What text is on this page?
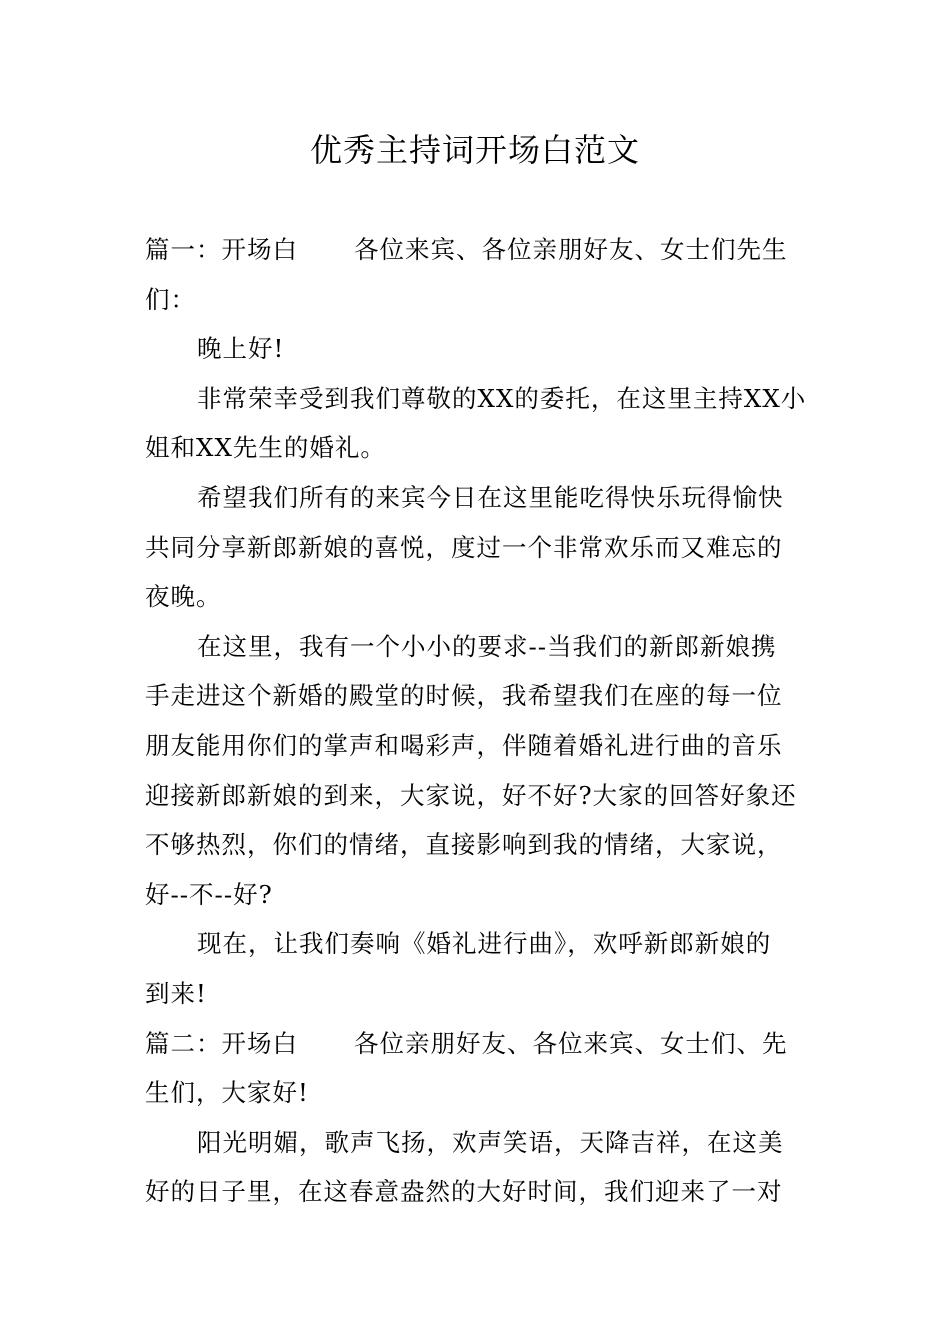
优秀主持词开场白范文
篇一：开场白 各位来宾、各位亲朋好友、女士们先生
们：
晚上好!
非常荣幸受到我们尊敬的XX的委托，在这里主持XX小
姐和XX先生的婚礼。
希望我们所有的来宾今日在这里能吃得快乐玩得愉快
共同分享新郎新娘的喜悦，度过一个非常欢乐而又难忘的
夜晚。
在这里，我有一个小小的要求--当我们的新郎新娘携
手走进这个新婚的殿堂的时候，我希望我们在座的每一位
朋友能用你们的掌声和喝彩声，伴随着婚礼进行曲的音乐
迎接新郎新娘的到来，大家说，好不好?大家的回答好象还
不够热烈，你们的情绪，直接影响到我的情绪，大家说，
好--不--好?
现在，让我们奏响《婚礼进行曲》，欢呼新郎新娘的
到来!
篇二：开场白 各位亲朋好友、各位来宾、女士们、先
生们，大家好!
阳光明媚，歌声飞扬，欢声笑语，天降吉祥，在这美
好的日子里，在这春意盎然的大好时间，我们迎来了一对
